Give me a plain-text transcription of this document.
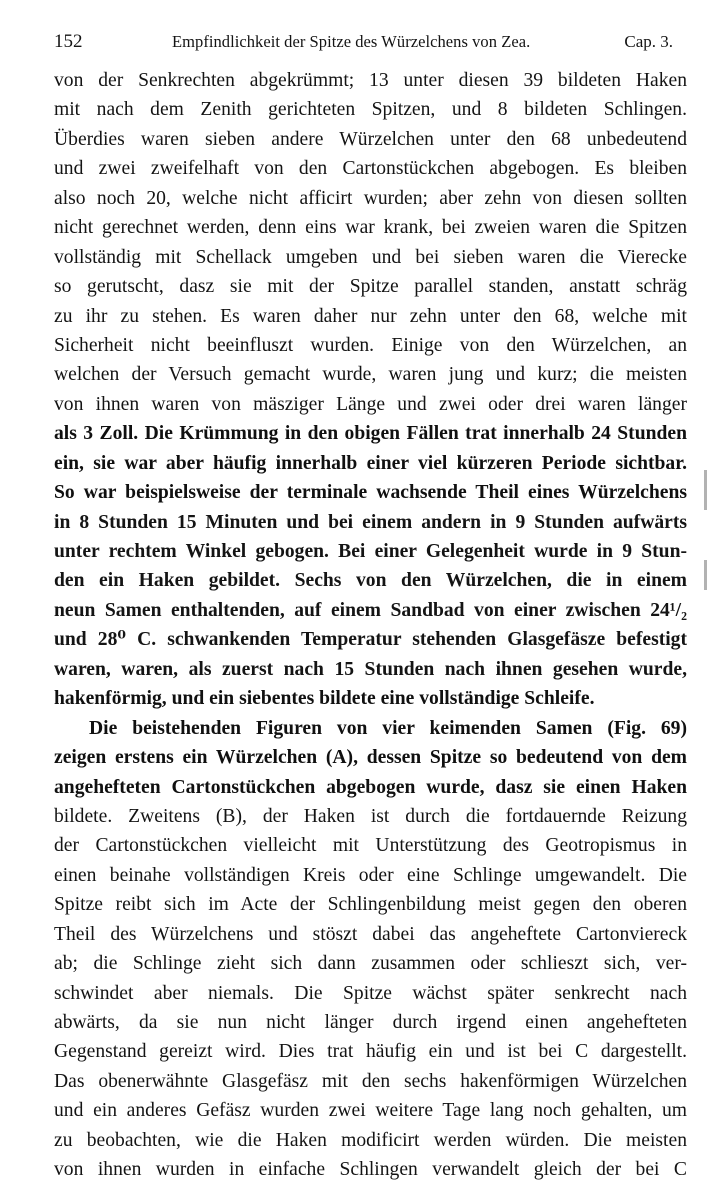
152	Empfindlichkeit der Spitze des Würzelchens von Zea.	Cap. 3.
von der Senkrechten abgekrümmt; 13 unter diesen 39 bildeten Haken
mit nach dem Zenith gerichteten Spitzen, und 8 bildeten Schlingen.
Überdies waren sieben andere Würzelchen unter den 68 unbedeutend
und zwei zweifelhaft von den Cartonstückchen abgebogen. Es bleiben
also noch 20, welche nicht afficirt wurden; aber zehn von diesen sollten
nicht gerechnet werden, denn eins war krank, bei zweien waren die Spitzen
vollständig mit Schellack umgeben und bei sieben waren die Vierecke
so gerutscht, dasz sie mit der Spitze parallel standen, anstatt schräg
zu ihr zu stehen. Es waren daher nur zehn unter den 68, welche mit
Sicherheit nicht beeinfluszt wurden. Einige von den Würzelchen, an
welchen der Versuch gemacht wurde, waren jung und kurz; die meisten
von ihnen waren von mäsziger Länge und zwei oder drei waren länger
als 3 Zoll. Die Krümmung in den obigen Fällen trat innerhalb 24 Stunden
ein, sie war aber häufig innerhalb einer viel kürzeren Periode sichtbar.
So war beispielsweise der terminale wachsende Theil eines Würzelchens
in 8 Stunden 15 Minuten und bei einem andern in 9 Stunden aufwärts
unter rechtem Winkel gebogen. Bei einer Gelegenheit wurde in 9 Stun-
den ein Haken gebildet. Sechs von den Würzelchen, die in einem
neun Samen enthaltenden, auf einem Sandbad von einer zwischen 24¹/₂
und 28⁰ C. schwankenden Temperatur stehenden Glasgefäsze befestigt
waren, waren, als zuerst nach 15 Stunden nach ihnen gesehen wurde,
hakenförmig, und ein siebentes bildete eine vollständige Schleife.
Die beistehenden Figuren von vier keimenden Samen (Fig. 69)
zeigen erstens ein Würzelchen (A), dessen Spitze so bedeutend von dem
angehefteten Cartonstückchen abgebogen wurde, dasz sie einen Haken
bildete. Zweitens (B), der Haken ist durch die fortdauernde Reizung
der Cartonstückchen vielleicht mit Unterstützung des Geotropismus in
einen beinahe vollständigen Kreis oder eine Schlinge umgewandelt. Die
Spitze reibt sich im Acte der Schlingenbildung meist gegen den oberen
Theil des Würzelchens und stöszt dabei das angeheftete Cartonviereck
ab; die Schlinge zieht sich dann zusammen oder schlieszt sich, ver-
schwindet aber niemals. Die Spitze wächst später senkrecht nach
abwärts, da sie nun nicht länger durch irgend einen angehefteten
Gegenstand gereizt wird. Dies trat häufig ein und ist bei C dargestellt.
Das obenerwähnte Glasgefäsz mit den sechs hakenförmigen Würzelchen
und ein anderes Gefäsz wurden zwei weitere Tage lang noch gehalten, um
zu beobachten, wie die Haken modificirt werden würden. Die meisten
von ihnen wurden in einfache Schlingen verwandelt gleich der bei C
